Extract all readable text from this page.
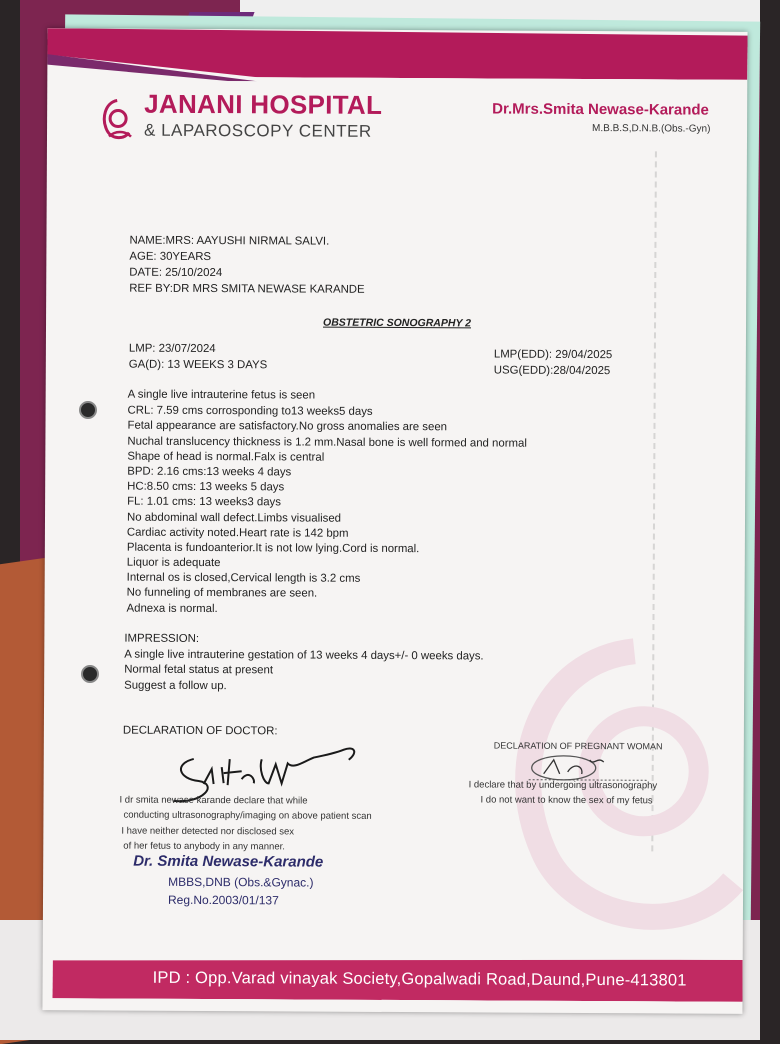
JANANI HOSPITAL
& LAPAROSCOPY CENTER
Dr.Mrs.Smita Newase-Karande
M.B.B.S,D.N.B.(Obs.-Gyn)
NAME:MRS: AAYUSHI NIRMAL SALVI.
AGE: 30YEARS
DATE: 25/10/2024
REF BY:DR MRS SMITA NEWASE KARANDE
OBSTETRIC SONOGRAPHY 2
LMP: 23/07/2024
GA(D): 13 WEEKS 3 DAYS
LMP(EDD): 29/04/2025
USG(EDD):28/04/2025
A single live intrauterine fetus is seen
CRL: 7.59 cms corrosponding to13 weeks5 days
Fetal appearance are satisfactory.No gross anomalies are seen
Nuchal translucency thickness is 1.2 mm.Nasal bone is well formed and normal
Shape of head is normal.Falx is central
BPD: 2.16 cms:13 weeks 4 days
HC:8.50 cms: 13 weeks 5 days
FL: 1.01 cms: 13 weeks3 days
No abdominal wall defect.Limbs visualised
Cardiac activity noted.Heart rate is 142 bpm
Placenta is fundoanterior.It is not low lying.Cord is normal.
Liquor is adequate
Internal os is closed,Cervical length is 3.2 cms
No funneling of membranes are seen.
Adnexa is normal.
IMPRESSION:
A single live intrauterine gestation of 13 weeks 4 days+/- 0 weeks days.
Normal fetal status at present
Suggest a follow up.
DECLARATION OF DOCTOR:
I dr smita newase karande declare that while
conducting ultrasonography/imaging on above patient scan
I have neither detected nor disclosed sex
of her fetus to anybody in any manner.
Dr. Smita Newase-Karande
MBBS,DNB (Obs.&Gynac.)
Reg.No.2003/01/137
DECLARATION OF PREGNANT WOMAN
I declare that by undergoing ultrasonography
I do not want to know the sex of my fetus
IPD : Opp.Varad vinayak Society,Gopalwadi Road,Daund,Pune-413801
